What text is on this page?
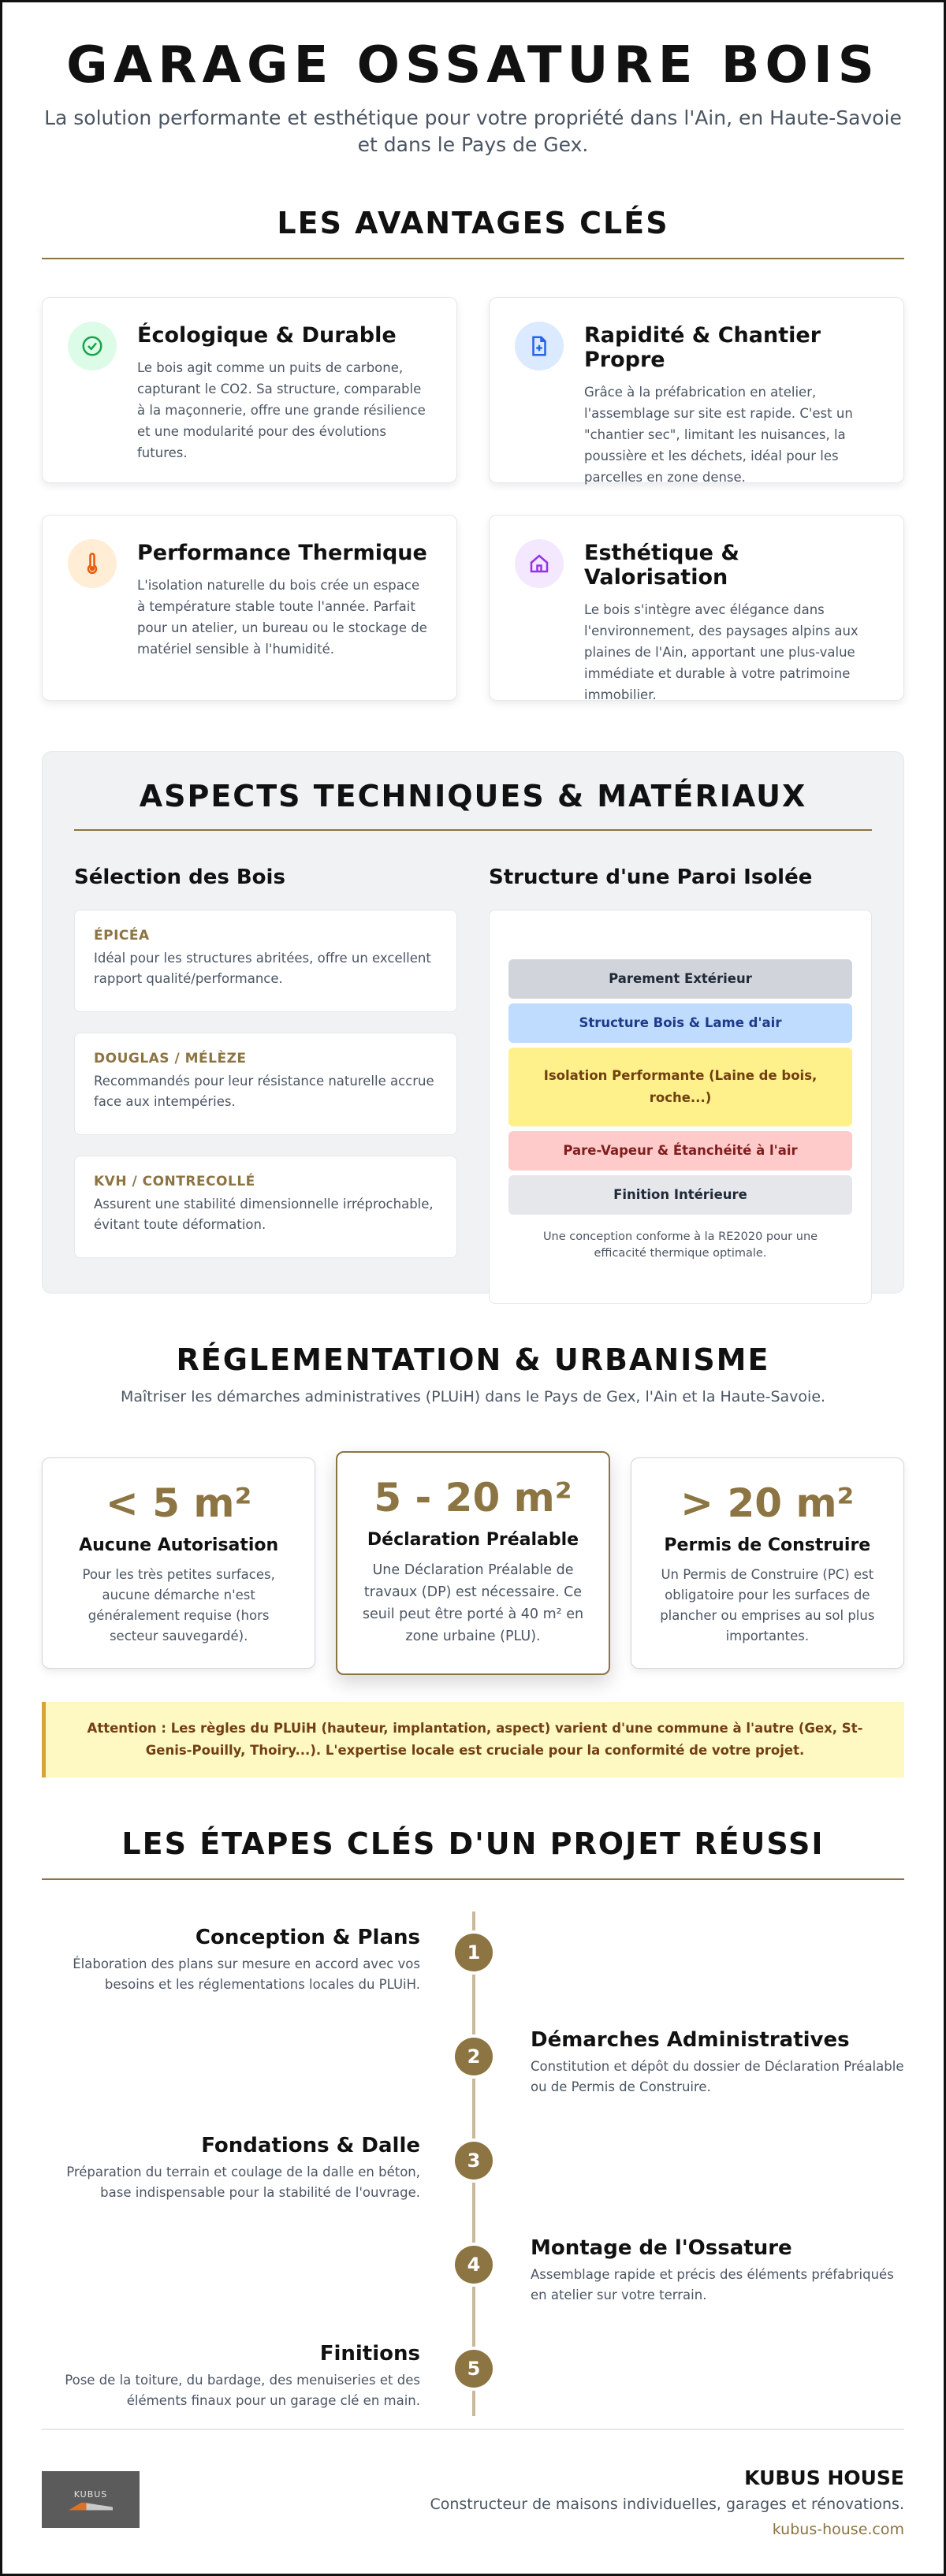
GARAGE OSSATURE BOIS

La solution performante et esthétique pour votre propriété dans l'Ain, en Haute-Savoie et dans le Pays de Gex.

LES AVANTAGES CLÉS
Écologique & Durable

Le bois agit comme un puits de carbone, capturant le CO2. Sa structure, comparable à la maçonnerie, offre une grande résilience et une modularité pour des évolutions futures.

Rapidité & Chantier Propre

Grâce à la préfabrication en atelier, l'assemblage sur site est rapide. C'est un "chantier sec", limitant les nuisances, la poussière et les déchets, idéal pour les parcelles en zone dense.

Performance Thermique

L'isolation naturelle du bois crée un espace à température stable toute l'année. Parfait pour un atelier, un bureau ou le stockage de matériel sensible à l'humidité.

Esthétique & Valorisation

Le bois s'intègre avec élégance dans l'environnement, des paysages alpins aux plaines de l'Ain, apportant une plus-value immédiate et durable à votre patrimoine immobilier.

ASPECTS TECHNIQUES & MATÉRIAUX
Sélection des Bois
ÉPICÉA
Idéal pour les structures abritées, offre un excellent rapport qualité/performance.
DOUGLAS / MÉLÈZE
Recommandés pour leur résistance naturelle accrue face aux intempéries.
KVH / CONTRECOLLÉ
Assurent une stabilité dimensionnelle irréprochable, évitant toute déformation.
Structure d'une Paroi Isolée
Parement Extérieur
Structure Bois & Lame d'air
Isolation Performante (Laine de bois, roche...)
Pare-Vapeur & Étanchéité à l'air
Finition Intérieure
Une conception conforme à la RE2020 pour une efficacité thermique optimale.
RÉGLEMENTATION & URBANISME

Maîtriser les démarches administratives (PLUiH) dans le Pays de Gex, l'Ain et la Haute-Savoie.

< 5 m²
Aucune Autorisation
Pour les très petites surfaces, aucune démarche n'est généralement requise (hors secteur sauvegardé).
5 - 20 m²
Déclaration Préalable
Une Déclaration Préalable de travaux (DP) est nécessaire. Ce seuil peut être porté à 40 m² en zone urbaine (PLU).
> 20 m²
Permis de Construire
Un Permis de Construire (PC) est obligatoire pour les surfaces de plancher ou emprises au sol plus importantes.
Attention : Les règles du PLUiH (hauteur, implantation, aspect) varient d'une commune à l'autre (Gex, St-Genis-Pouilly, Thoiry...). L'expertise locale est cruciale pour la conformité de votre projet.
LES ÉTAPES CLÉS D'UN PROJET RÉUSSI
1
Conception & Plans

Élaboration des plans sur mesure en accord avec vos besoins et les réglementations locales du PLUiH.

2
Démarches Administratives

Constitution et dépôt du dossier de Déclaration Préalable ou de Permis de Construire.

3
Fondations & Dalle

Préparation du terrain et coulage de la dalle en béton, base indispensable pour la stabilité de l'ouvrage.

4
Montage de l'Ossature

Assemblage rapide et précis des éléments préfabriqués en atelier sur votre terrain.

5
Finitions

Pose de la toiture, du bardage, des menuiseries et des éléments finaux pour un garage clé en main.

KUBUS
KUBUS HOUSE
Constructeur de maisons individuelles, garages et rénovations.
kubus-house.com
